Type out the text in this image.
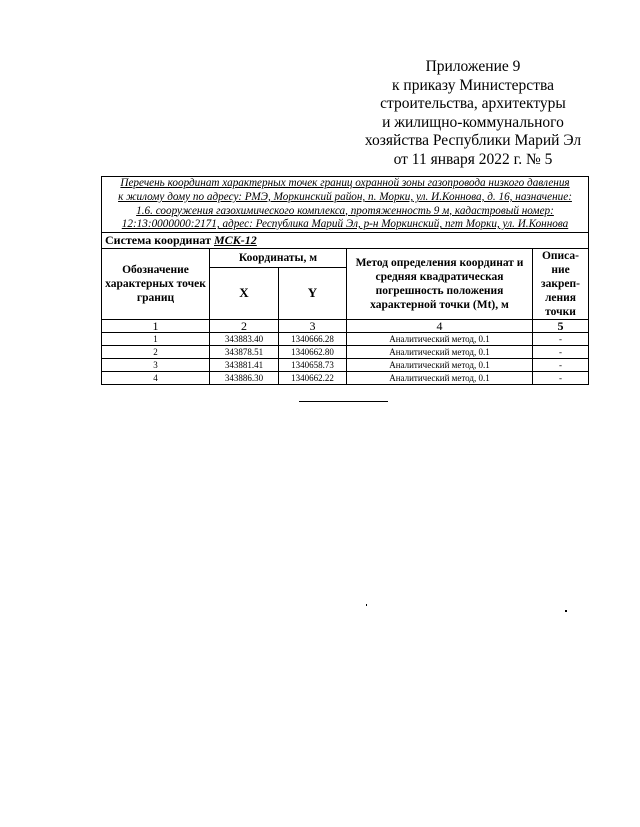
Приложение 9
к приказу Министерства
строительства, архитектуры
и жилищно-коммунального
хозяйства Республики Марий Эл
от 11 января 2022 г. № 5
Перечень координат характерных точек границ охранной зоны газопровода низкого давления
к жилому дому по адресу: РМЭ, Моркинский район, п. Морки, ул. И.Коннова, д. 16, назначение:
1.6. сооружения газохимического комплекса, протяженность 9 м, кадастровый номер:
12:13:0000000:2171, адрес: Республика Марий Эл, р-н Моркинский, пгт Морки, ул. И.Коннова				

Система координат МСК-12				
Обозначение характерных точек границ	Координаты, м		Метод определения координат и средняя квадратическая погрешность положения характерной точки (Mt), м	Описа- ние закреп- ления точки
	X	Y		
1	2	3	4	5
1	343883.40	1340666.28	Аналитический метод, 0.1	-
2	343878.51	1340662.80	Аналитический метод, 0.1	-
3	343881.41	1340658.73	Аналитический метод, 0.1	-
4	343886.30	1340662.22	Аналитический метод, 0.1	-
